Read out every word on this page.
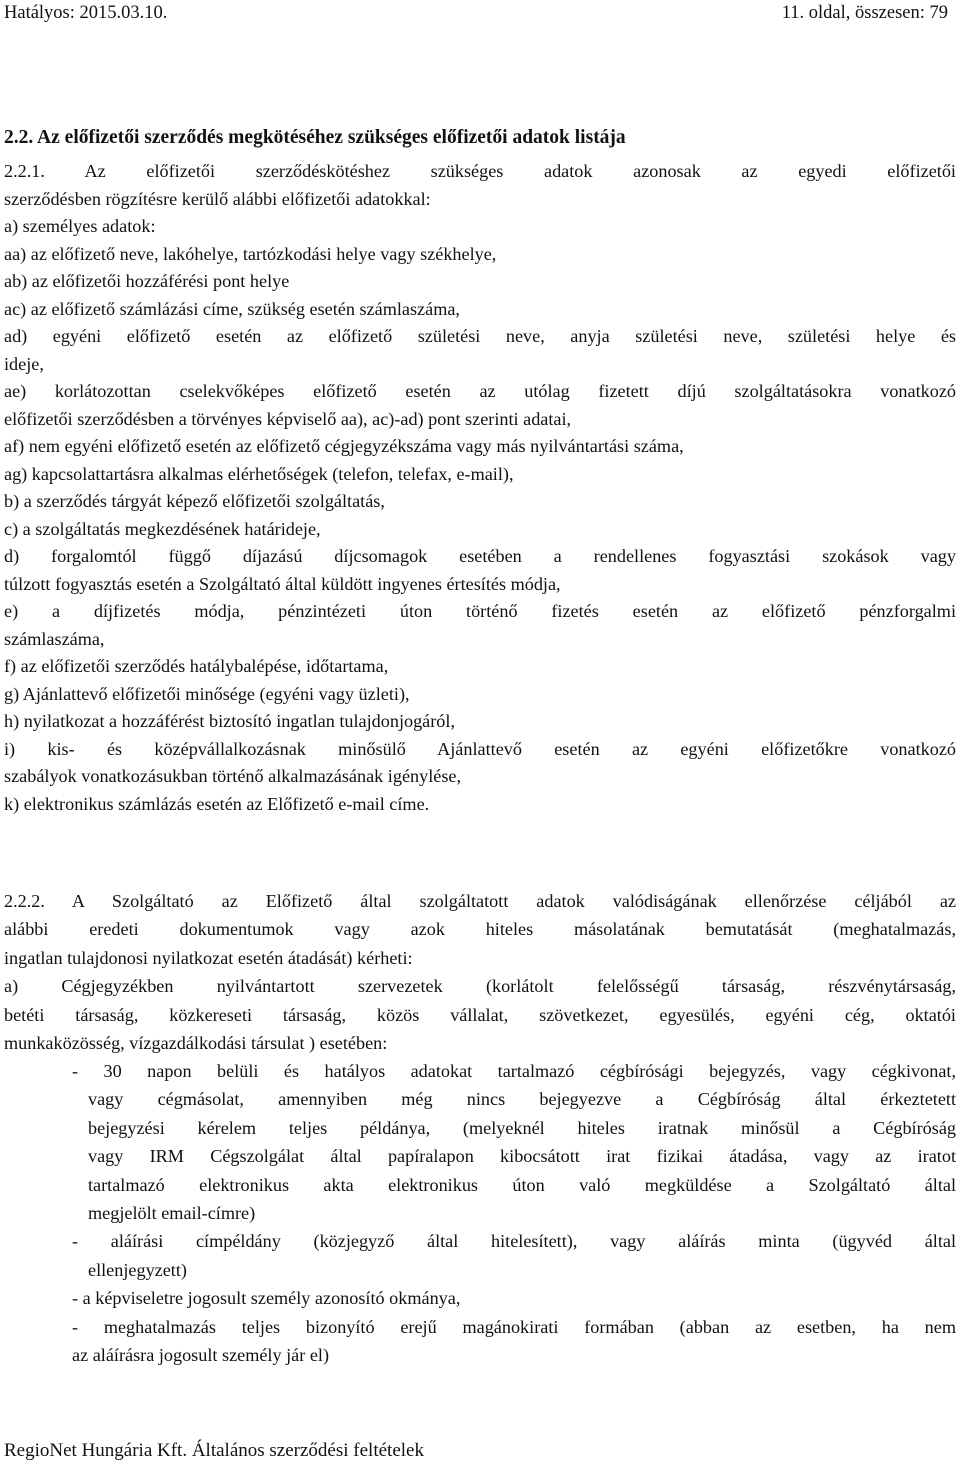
Hatályos: 2015.03.10.	11. oldal, összesen: 79
2.2. Az előfizetői szerződés megkötéséhez szükséges előfizetői adatok listája
2.2.1. Az előfizetői szerződéskötéshez szükséges adatok azonosak az egyedi előfizetői
szerződésben rögzítésre kerülő alábbi előfizetői adatokkal:
a) személyes adatok:
aa) az előfizető neve, lakóhelye, tartózkodási helye vagy székhelye,
ab) az előfizetői hozzáférési pont helye
ac) az előfizető számlázási címe, szükség esetén számlaszáma,
ad) egyéni előfizető esetén az előfizető születési neve, anyja születési neve, születési helye és
ideje,
ae) korlátozottan cselekvőképes előfizető esetén az utólag fizetett díjú szolgáltatásokra vonatkozó
előfizetői szerződésben a törvényes képviselő aa), ac)-ad) pont szerinti adatai,
af) nem egyéni előfizető esetén az előfizető cégjegyzékszáma vagy más nyilvántartási száma,
ag) kapcsolattartásra alkalmas elérhetőségek (telefon, telefax, e-mail),
b) a szerződés tárgyát képező előfizetői szolgáltatás,
c) a szolgáltatás megkezdésének határideje,
d) forgalomtól függő díjazású díjcsomagok esetében a rendellenes fogyasztási szokások vagy
túlzott fogyasztás esetén a Szolgáltató által küldött ingyenes értesítés módja,
e) a díjfizetés módja, pénzintézeti úton történő fizetés esetén az előfizető pénzforgalmi
számlaszáma,
f) az előfizetői szerződés hatálybalépése, időtartama,
g) Ajánlattevő előfizetői minősége (egyéni vagy üzleti),
h) nyilatkozat a hozzáférést biztosító ingatlan tulajdonjogáról,
i) kis- és középvállalkozásnak minősülő Ajánlattevő esetén az egyéni előfizetőkre vonatkozó
szabályok vonatkozásukban történő alkalmazásának igénylése,
k) elektronikus számlázás esetén az Előfizető e-mail címe.
2.2.2. A Szolgáltató az Előfizető által szolgáltatott adatok valódiságának ellenőrzése céljából az
alábbi eredeti dokumentumok vagy azok hiteles másolatának bemutatását (meghatalmazás,
ingatlan tulajdonosi nyilatkozat esetén átadását) kérheti:
a) Cégjegyzékben nyilvántartott szervezetek (korlátolt felelősségű társaság, részvénytársaság,
betéti társaság, közkereseti társaság, közös vállalat, szövetkezet, egyesülés, egyéni cég, oktatói
munkaközösség, vízgazdálkodási társulat ) esetében:
- 30 napon belüli és hatályos adatokat tartalmazó cégbírósági bejegyzés, vagy cégkivonat,
vagy cégmásolat, amennyiben még nincs bejegyezve a Cégbíróság által érkeztetett
bejegyzési kérelem teljes példánya, (melyeknél hiteles iratnak minősül a Cégbíróság
vagy IRM Cégszolgálat által papíralapon kibocsátott irat fizikai átadása, vagy az iratot
tartalmazó elektronikus akta elektronikus úton való megküldése a Szolgáltató által
megjelölt email-címre)
- aláírási címpéldány (közjegyző által hitelesített), vagy aláírás minta (ügyvéd által
ellenjegyzett)
- a képviseletre jogosult személy azonosító okmánya,
- meghatalmazás teljes bizonyító erejű magánokirati formában (abban az esetben, ha nem
az aláírásra jogosult személy jár el)
RegioNet Hungária Kft. Általános szerződési feltételek
